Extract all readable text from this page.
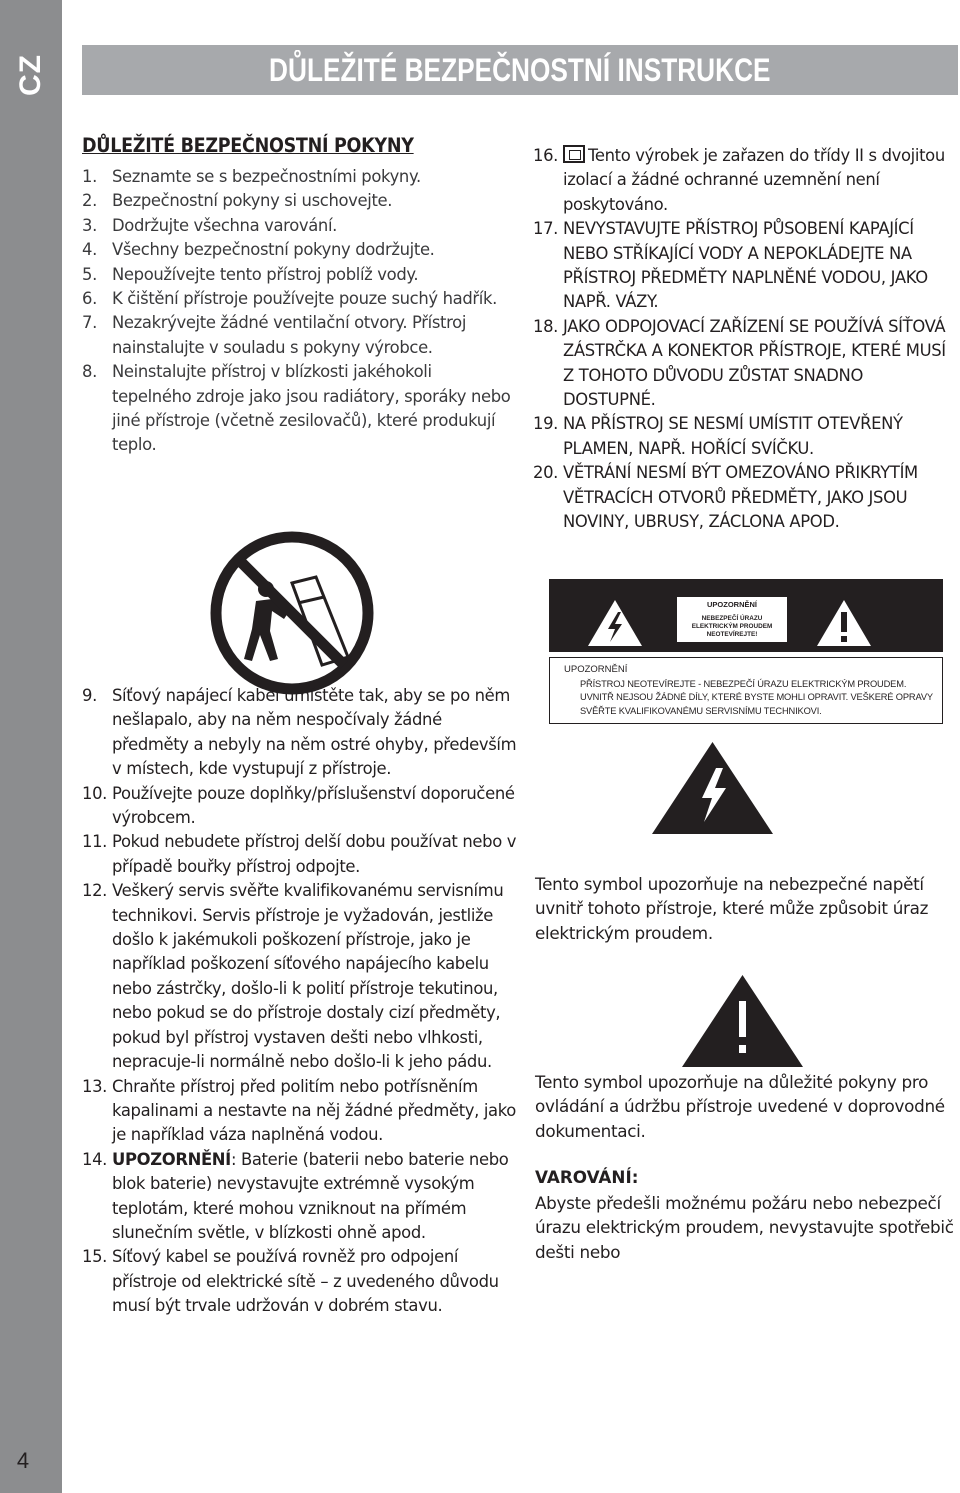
CZ
4
DŮLEŽITÉ BEZPEČNOSTNÍ INSTRUKCE
DŮLEŽITÉ BEZPEČNOSTNÍ POKYNY
1. Seznamte se s bezpečnostními pokyny.
2. Bezpečnostní pokyny si uschovejte.
3. Dodržujte všechna varování.
4. Všechny bezpečnostní pokyny dodržujte.
5. Nepoužívejte tento přístroj poblíž vody.
6. K čištění přístroje používejte pouze suchý hadřík.
7. Nezakrývejte žádné ventilační otvory. Přístroj nainstalujte v souladu s pokyny výrobce.
8. Neinstalujte přístroj v blízkosti jakéhokoli tepelného zdroje jako jsou radiátory, sporáky nebo jiné přístroje (včetně zesilovačů), které produkují teplo.
9. Síťový napájecí kabel umístěte tak, aby se po něm nešlapalo, aby na něm nespočívaly žádné předměty a nebyly na něm ostré ohyby, především v místech, kde vystupují z přístroje.
10. Používejte pouze doplňky/příslušenství doporučené výrobcem.
11. Pokud nebudete přístroj delší dobu používat nebo v případě bouřky přístroj odpojte.
12. Veškerý servis svěřte kvalifikovanému servisnímu technikovi. Servis přístroje je vyžadován, jestliže došlo k jakémukoli poškození přístroje, jako je například poškození síťového napájecího kabelu nebo zástrčky, došlo-li k polití přístroje tekutinou, nebo pokud se do přístroje dostaly cizí předměty, pokud byl přístroj vystaven dešti nebo vlhkosti, nepracuje-li normálně nebo došlo-li k jeho pádu.
13. Chraňte přístroj před politím nebo potřísněním kapalinami a nestavte na něj žádné předměty, jako je například váza naplněná vodou.
14. UPOZORNĚNÍ: Baterie (baterii nebo baterie nebo blok baterie) nevystavujte extrémně vysokým teplotám, které mohou vzniknout na přímém slunečním světle, v blízkosti ohně apod.
15. Síťový kabel se používá rovněž pro odpojení přístroje od elektrické sítě – z uvedeného důvodu musí být trvale udržován v dobrém stavu.
16. Tento výrobek je zařazen do třídy II s dvojitou izolací a žádné ochranné uzemnění není poskytováno.
17. NEVYSTAVUJTE PŘÍSTROJ PŮSOBENÍ KAPAJÍCÍ NEBO STŘÍKAJÍCÍ VODY A NEPOKLÁDEJTE NA PŘÍSTROJ PŘEDMĚTY NAPLNĚNÉ VODOU, JAKO NAPŘ. VÁZY.
18. JAKO ODPOJOVACÍ ZAŘÍZENÍ SE POUŽÍVÁ SÍŤOVÁ ZÁSTRČKA A KONEKTOR PŘÍSTROJE, KTERÉ MUSÍ Z TOHOTO DŮVODU ZŮSTAT SNADNO DOSTUPNÉ.
19. NA PŘÍSTROJ SE NESMÍ UMÍSTIT OTEVŘENÝ PLAMEN, NAPŘ. HOŘÍCÍ SVÍČKU.
20. VĚTRÁNÍ NESMÍ BÝT OMEZOVÁNO PŘIKRYTÍM VĚTRACÍCH OTVORŮ PŘEDMĚTY, JAKO JSOU NOVINY, UBRUSY, ZÁCLONA APOD.
UPOZORNĚNÍ
NEBEZPEČÍ ÚRAZU
ELEKTRICKÝM PROUDEM
NEOTEVÍREJTE!
UPOZORNĚNÍ
PŘÍSTROJ NEOTEVÍREJTE - NEBEZPEČÍ ÚRAZU ELEKTRICKÝM PROUDEM. UVNITŘ NEJSOU ŽÁDNÉ DÍLY, KTERÉ BYSTE MOHLI OPRAVIT. VEŠKERÉ OPRAVY SVĚŘTE KVALIFIKOVANÉMU SERVISNÍMU TECHNIKOVI.
Tento symbol upozorňuje na nebezpečné napětí uvnitř tohoto přístroje, které může způsobit úraz elektrickým proudem.
Tento symbol upozorňuje na důležité pokyny pro ovládání a údržbu přístroje uvedené v doprovodné dokumentaci.
VAROVÁNÍ:
Abyste předešli možnému požáru nebo nebezpečí úrazu elektrickým proudem, nevystavujte spotřebič dešti nebo
